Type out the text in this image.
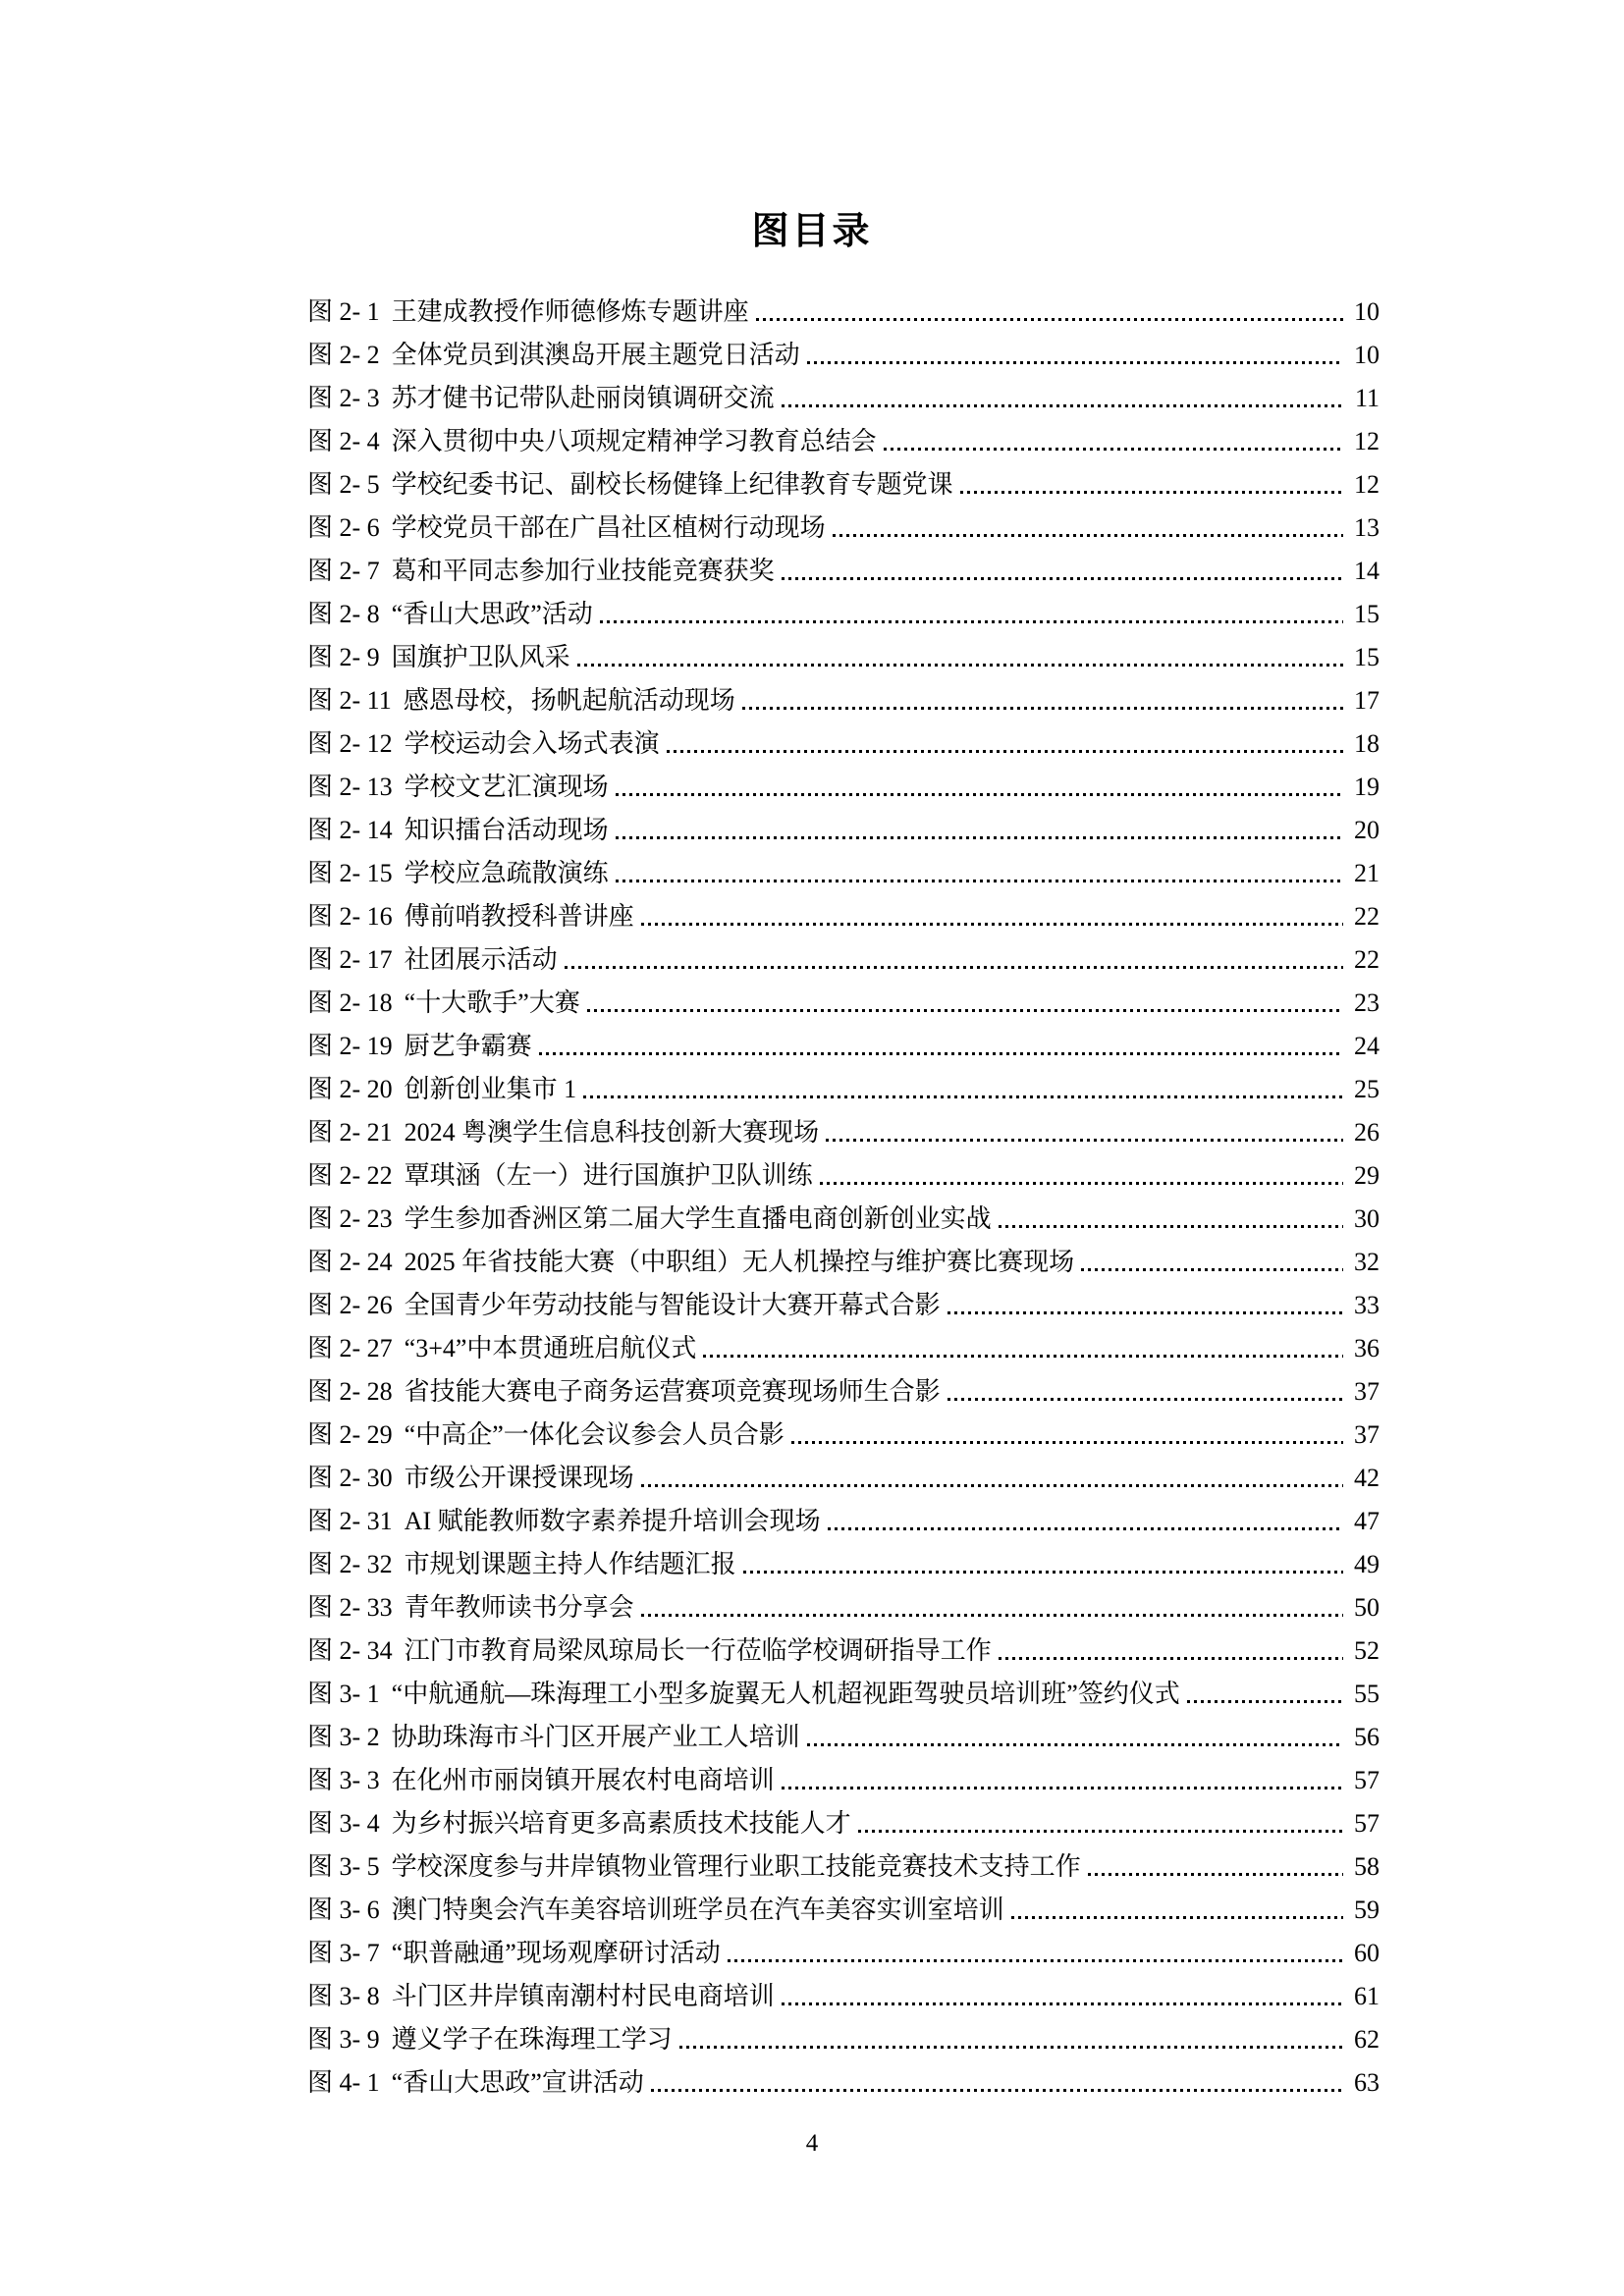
图目录
图 2- 1 王建成教授作师德修炼专题讲座	10
图 2- 2 全体党员到淇澳岛开展主题党日活动	10
图 2- 3 苏才健书记带队赴丽岗镇调研交流	11
图 2- 4 深入贯彻中央八项规定精神学习教育总结会	12
图 2- 5 学校纪委书记、副校长杨健锋上纪律教育专题党课	12
图 2- 6 学校党员干部在广昌社区植树行动现场	13
图 2- 7 葛和平同志参加行业技能竞赛获奖	14
图 2- 8 “香山大思政”活动	15
图 2- 9 国旗护卫队风采	15
图 2- 11 感恩母校，扬帆起航活动现场	17
图 2- 12 学校运动会入场式表演	18
图 2- 13 学校文艺汇演现场	19
图 2- 14 知识擂台活动现场	20
图 2- 15 学校应急疏散演练	21
图 2- 16 傅前哨教授科普讲座	22
图 2- 17 社团展示活动	22
图 2- 18 “十大歌手”大赛	23
图 2- 19 厨艺争霸赛	24
图 2- 20 创新创业集市 1	25
图 2- 21 2024 粤澳学生信息科技创新大赛现场	26
图 2- 22 覃琪涵（左一）进行国旗护卫队训练	29
图 2- 23 学生参加香洲区第二届大学生直播电商创新创业实战	30
图 2- 24 2025 年省技能大赛（中职组）无人机操控与维护赛比赛现场	32
图 2- 26 全国青少年劳动技能与智能设计大赛开幕式合影	33
图 2- 27 “3+4”中本贯通班启航仪式	36
图 2- 28 省技能大赛电子商务运营赛项竞赛现场师生合影	37
图 2- 29 “中高企”一体化会议参会人员合影	37
图 2- 30 市级公开课授课现场	42
图 2- 31 AI 赋能教师数字素养提升培训会现场	47
图 2- 32 市规划课题主持人作结题汇报	49
图 2- 33 青年教师读书分享会	50
图 2- 34 江门市教育局梁凤琼局长一行莅临学校调研指导工作	52
图 3- 1 “中航通航—珠海理工小型多旋翼无人机超视距驾驶员培训班”签约仪式	55
图 3- 2 协助珠海市斗门区开展产业工人培训	56
图 3- 3 在化州市丽岗镇开展农村电商培训	57
图 3- 4 为乡村振兴培育更多高素质技术技能人才	57
图 3- 5 学校深度参与井岸镇物业管理行业职工技能竞赛技术支持工作	58
图 3- 6 澳门特奥会汽车美容培训班学员在汽车美容实训室培训	59
图 3- 7 “职普融通”现场观摩研讨活动	60
图 3- 8 斗门区井岸镇南潮村村民电商培训	61
图 3- 9 遵义学子在珠海理工学习	62
图 4- 1 “香山大思政”宣讲活动	63
4
